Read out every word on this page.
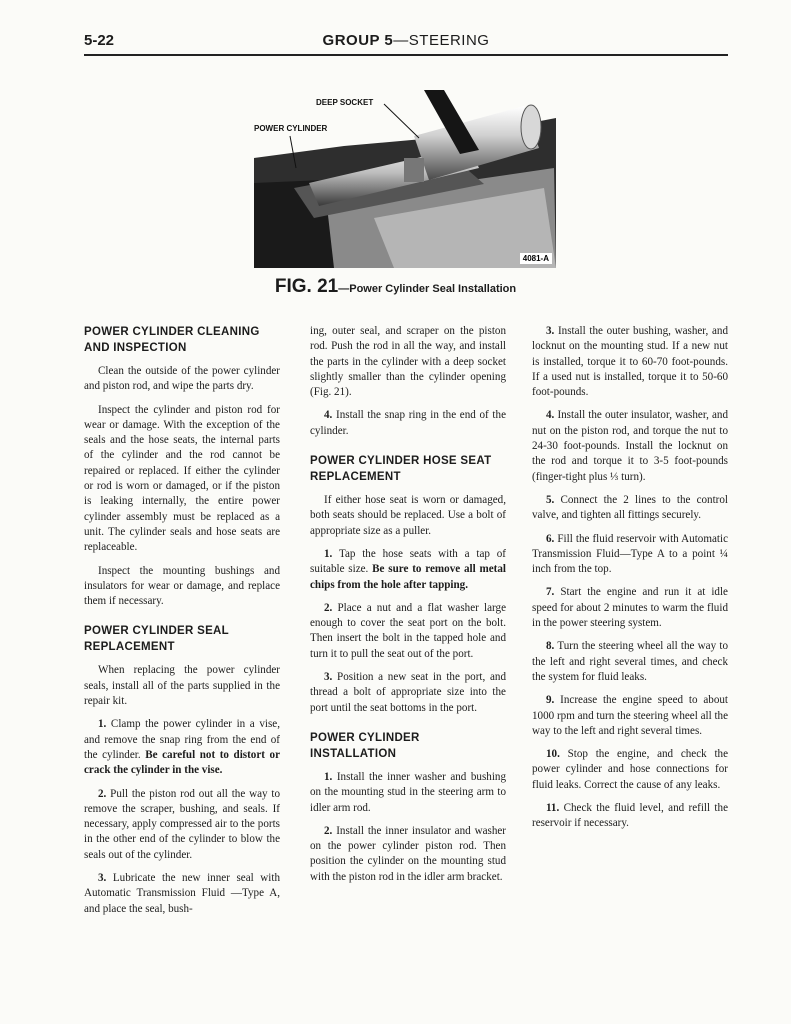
5-22	GROUP 5—STEERING
DEEP SOCKET
POWER CYLINDER
4081-A
FIG. 21—Power Cylinder Seal Installation
POWER CYLINDER CLEANING AND INSPECTION

Clean the outside of the power cylinder and piston rod, and wipe the parts dry.

Inspect the cylinder and piston rod for wear or damage. With the exception of the seals and the hose seats, the internal parts of the cylinder and the rod cannot be repaired or replaced. If either the cylinder or rod is worn or damaged, or if the piston is leaking internally, the entire power cylinder assembly must be replaced as a unit. The cylinder seals and hose seats are replaceable.

Inspect the mounting bushings and insulators for wear or damage, and replace them if necessary.

POWER CYLINDER SEAL REPLACEMENT

When replacing the power cylinder seals, install all of the parts supplied in the repair kit.

1. Clamp the power cylinder in a vise, and remove the snap ring from the end of the cylinder. Be careful not to distort or crack the cylinder in the vise.

2. Pull the piston rod out all the way to remove the scraper, bushing, and seals. If necessary, apply compressed air to the ports in the other end of the cylinder to blow the seals out of the cylinder.

3. Lubricate the new inner seal with Automatic Transmission Fluid —Type A, and place the seal, bush-

ing, outer seal, and scraper on the piston rod. Push the rod in all the way, and install the parts in the cylinder with a deep socket slightly smaller than the cylinder opening (Fig. 21).

4. Install the snap ring in the end of the cylinder.

POWER CYLINDER HOSE SEAT REPLACEMENT

If either hose seat is worn or damaged, both seats should be replaced. Use a bolt of appropriate size as a puller.

1. Tap the hose seats with a tap of suitable size. Be sure to remove all metal chips from the hole after tapping.

2. Place a nut and a flat washer large enough to cover the seat port on the bolt. Then insert the bolt in the tapped hole and turn it to pull the seat out of the port.

3. Position a new seat in the port, and thread a bolt of appropriate size into the port until the seat bottoms in the port.

POWER CYLINDER INSTALLATION

1. Install the inner washer and bushing on the mounting stud in the steering arm to idler arm rod.

2. Install the inner insulator and washer on the power cylinder piston rod. Then position the cylinder on the mounting stud with the piston rod in the idler arm bracket.

3. Install the outer bushing, washer, and locknut on the mounting stud. If a new nut is installed, torque it to 60-70 foot-pounds. If a used nut is installed, torque it to 50-60 foot-pounds.

4. Install the outer insulator, washer, and nut on the piston rod, and torque the nut to 24-30 foot-pounds. Install the locknut on the rod and torque it to 3-5 foot-pounds (finger-tight plus ⅓ turn).

5. Connect the 2 lines to the control valve, and tighten all fittings securely.

6. Fill the fluid reservoir with Automatic Transmission Fluid—Type A to a point ¼ inch from the top.

7. Start the engine and run it at idle speed for about 2 minutes to warm the fluid in the power steering system.

8. Turn the steering wheel all the way to the left and right several times, and check the system for fluid leaks.

9. Increase the engine speed to about 1000 rpm and turn the steering wheel all the way to the left and right several times.

10. Stop the engine, and check the power cylinder and hose connections for fluid leaks. Correct the cause of any leaks.

11. Check the fluid level, and refill the reservoir if necessary.
